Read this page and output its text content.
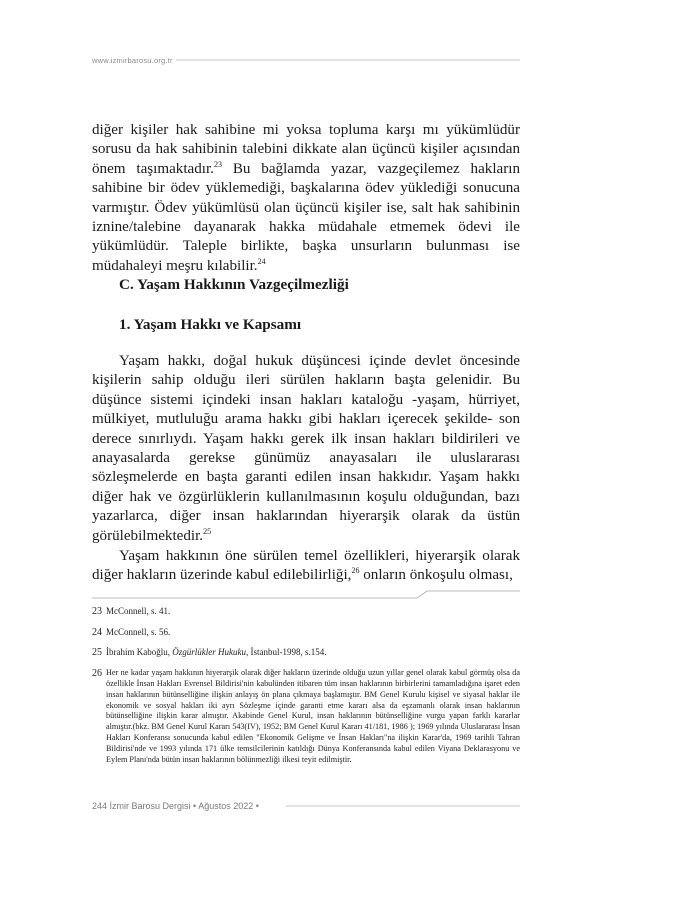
www.izmirbarosu.org.tr

diğer kişiler hak sahibine mi yoksa topluma karşı mı yükümlüdür sorusu da hak sahibinin talebini dikkate alan üçüncü kişiler açısından önem taşımaktadır.$^{23}$ Bu bağlamda yazar, vazgeçilemez hakların sahibine bir ödev yüklemediği, başkalarına ödev yüklediği sonucuna varmıştır. Ödev yükümlüsü olan üçüncü kişiler ise, salt hak sahibinin iznine/talebine dayanarak hakka müdahale etmemek ödevi ile yükümlüdür. Taleple birlikte, başka unsurların bulunması ise müdahaleyi meşru kılabilir.$^{24}$

C. Yaşam Hakkının Vazgeçilmezliği
1. Yaşam Hakkı ve Kapsamı

Yaşam hakkı, doğal hukuk düşüncesi içinde devlet öncesinde kişilerin sahip olduğu ileri sürülen hakların başta gelenidir. Bu düşünce sistemi içindeki insan hakları kataloğu -yaşam, hürriyet, mülkiyet, mutluluğu arama hakkı gibi hakları içerecek şekilde- son derece sınırlıydı. Yaşam hakkı gerek ilk insan hakları bildirileri ve anayasalarda gerekse günümüz anayasaları ile uluslararası sözleşmelerde en başta garanti edilen insan hakkıdır. Yaşam hakkı diğer hak ve özgürlüklerin kullanılmasının koşulu olduğundan, bazı yazarlarca, diğer insan haklarından hiyerarşik olarak da üstün görülebilmektedir.$^{25}$

Yaşam hakkının öne sürülen temel özellikleri, hiyerarşik olarak diğer hakların üzerinde kabul edilebilirliği,$^{26}$ onların önkoşulu olması,

23 McConnell, s. 41.
24 McConnell, s. 56.
25 İbrahim Kaboğlu, Özgürlükler Hukuku, İstanbul-1998, s.154.
26 Her ne kadar yaşam hakkının hiyerarşik olarak diğer hakların üzerinde olduğu uzun yıllar genel olarak kabul görmüş olsa da özellikle İnsan Hakları Evrensel Bildirisi'nin kabulünden itibaren tüm insan haklarının birbirlerini tamamladığına işaret eden insan haklarının bütünselliğine ilişkin anlayış ön plana çıkmaya başlamıştır. BM Genel Kurulu kişisel ve siyasal haklar ile ekonomik ve sosyal hakları iki ayrı Sözleşme içinde garanti etme kararı alsa da eşzamanlı olarak insan haklarının bütünselliğine ilişkin karar almıştır. Akabinde Genel Kurul, insan haklarının bütünselliğine vurgu yapan farklı kararlar almıştır.(bkz. BM Genel Kurul Kararı 543(IV), 1952; BM Genel Kurul Kararı 41/181, 1986 ); 1969 yılında Uluslararası İnsan Hakları Konferansı sonucunda kabul edilen "Ekonomik Gelişme ve İnsan Hakları"na ilişkin Karar'da, 1969 tarihli Tahran Bildirisi'nde ve 1993 yılında 171 ülke temsilcilerinin katıldığı Dünya Konferansında kabul edilen Viyana Deklarasyonu ve Eylem Planı'nda bütün insan haklarının bölünmezliği ilkesi teyit edilmiştir.
244 İzmir Barosu Dergisi • Ağustos 2022 •
